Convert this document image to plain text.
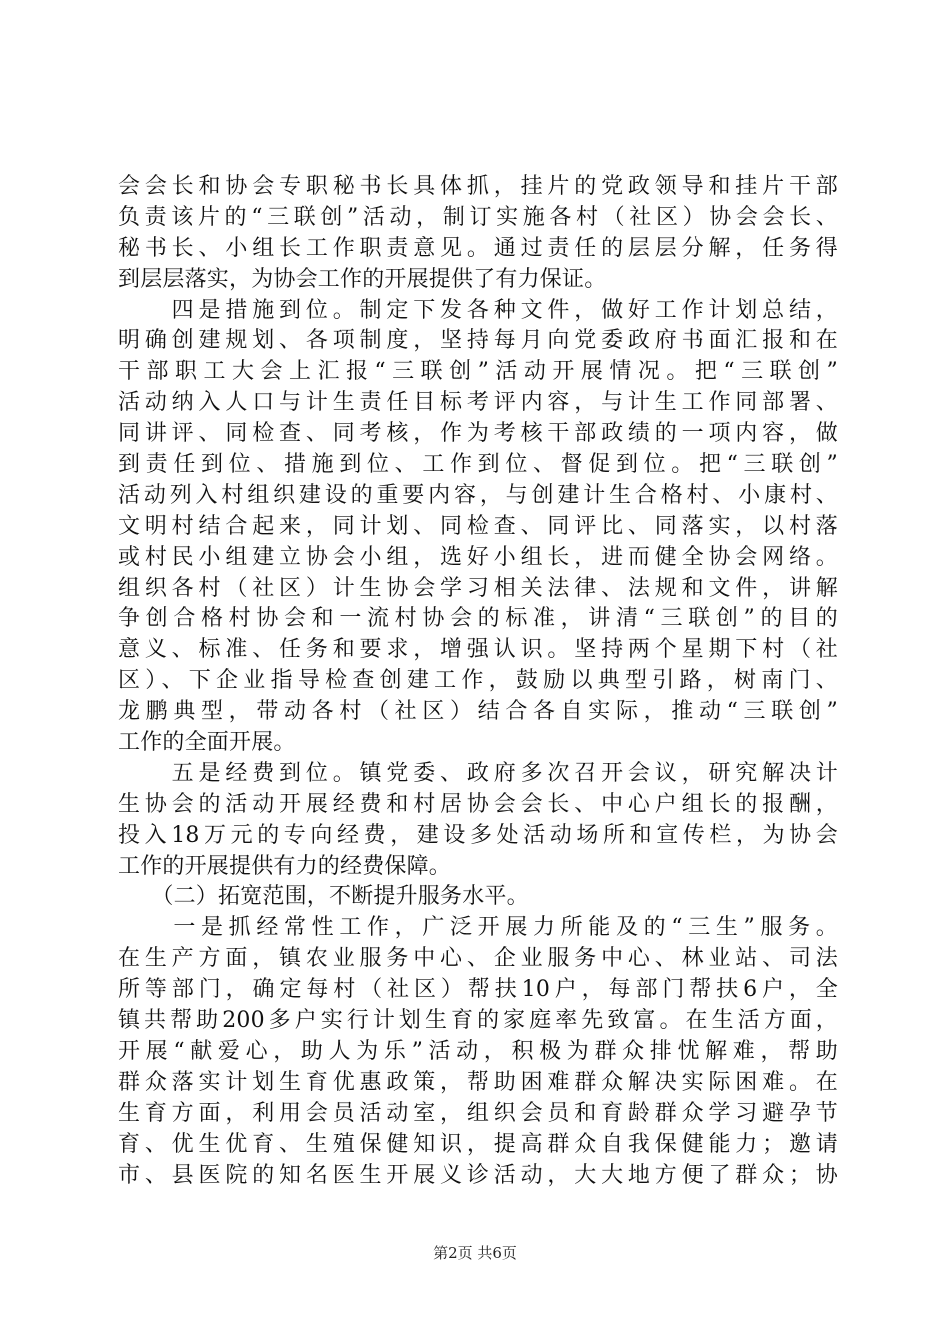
会会长和协会专职秘书长具体抓，挂片的党政领导和挂片干部
负责该片的“三联创”活动，制订实施各村（社区）协会会长、
秘书长、小组长工作职责意见。通过责任的层层分解，任务得
到层层落实，为协会工作的开展提供了有力保证。
　　四是措施到位。制定下发各种文件，做好工作计划总结，
明确创建规划、各项制度，坚持每月向党委政府书面汇报和在
干部职工大会上汇报“三联创”活动开展情况。把“三联创”
活动纳入人口与计生责任目标考评内容，与计生工作同部署、
同讲评、同检查、同考核，作为考核干部政绩的一项内容，做
到责任到位、措施到位、工作到位、督促到位。把“三联创”
活动列入村组织建设的重要内容，与创建计生合格村、小康村、
文明村结合起来，同计划、同检查、同评比、同落实，以村落
或村民小组建立协会小组，选好小组长，进而健全协会网络。
组织各村（社区）计生协会学习相关法律、法规和文件，讲解
争创合格村协会和一流村协会的标准，讲清“三联创”的目的
意义、标准、任务和要求，增强认识。坚持两个星期下村（社
区）、下企业指导检查创建工作，鼓励以典型引路，树南门、
龙鹏典型，带动各村（社区）结合各自实际，推动“三联创”
工作的全面开展。
　　五是经费到位。镇党委、政府多次召开会议，研究解决计
生协会的活动开展经费和村居协会会长、中心户组长的报酬，
投入18万元的专向经费，建设多处活动场所和宣传栏，为协会
工作的开展提供有力的经费保障。
　　（二）拓宽范围，不断提升服务水平。
　　一是抓经常性工作，广泛开展力所能及的“三生”服务。
在生产方面，镇农业服务中心、企业服务中心、林业站、司法
所等部门，确定每村（社区）帮扶10户，每部门帮扶6户，全
镇共帮助200多户实行计划生育的家庭率先致富。在生活方面，
开展“献爱心，助人为乐”活动，积极为群众排忧解难，帮助
群众落实计划生育优惠政策，帮助困难群众解决实际困难。在
生育方面，利用会员活动室，组织会员和育龄群众学习避孕节
育、优生优育、生殖保健知识，提高群众自我保健能力；邀请
市、县医院的知名医生开展义诊活动，大大地方便了群众；协
第2页 共6页
